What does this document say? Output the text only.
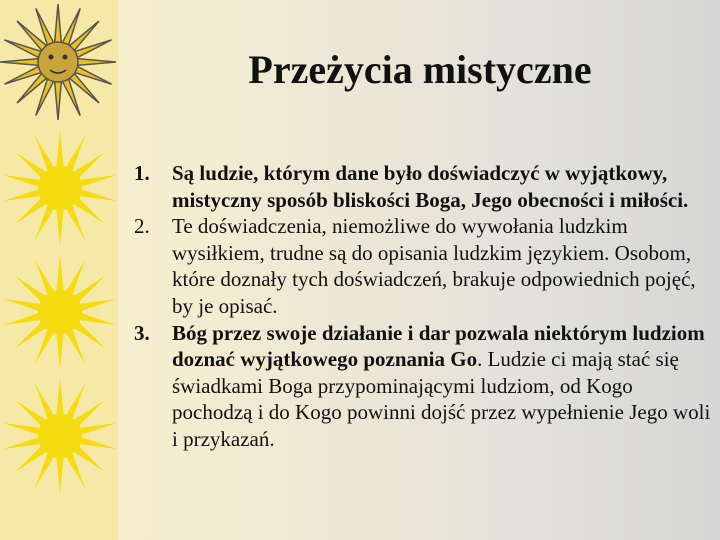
Przeżycia mistyczne
1.	Są ludzie, którym dane było doświadczyć w wyjątkowy, mistyczny sposób bliskości Boga, Jego obecności i miłości.
2.	Te doświadczenia, niemożliwe do wywołania ludzkim wysiłkiem, trudne są do opisania ludzkim językiem. Osobom, które doznały tych doświadczeń, brakuje odpowiednich pojęć, by je opisać.
3.	Bóg przez swoje działanie i dar pozwala niektórym ludziom doznać wyjątkowego poznania Go. Ludzie ci mają stać się świadkami Boga przypominającymi ludziom, od Kogo pochodzą i do Kogo powinni dojść przez wypełnienie Jego woli i przykazań.
